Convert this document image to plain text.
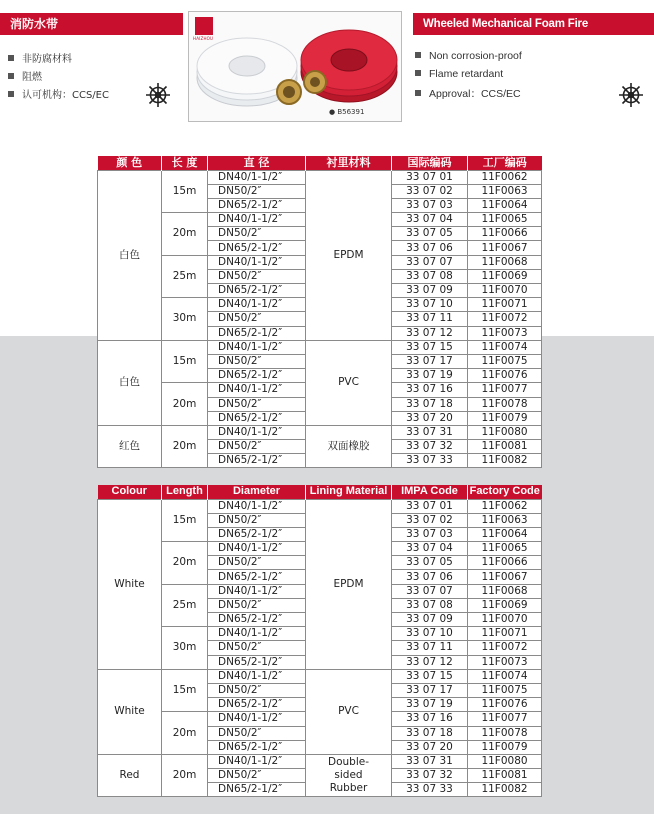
消防水带	Wheeled Mechanical Foam Fire Extinguisher
非防腐材料
阻燃
认可机构：CCS/EC
Non corrosion-proof
Flame retardant
Approval：CCS/EC
HAIZHOU
● B56391
颜 色	长 度	直 径	衬里材料	国际编码	工厂编码
白色	15m	DN40/1-1/2″	EPDM	33 07 01	11F0062
		DN50/2″		33 07 02	11F0063
		DN65/2-1/2″		33 07 03	11F0064
	20m	DN40/1-1/2″		33 07 04	11F0065
		DN50/2″		33 07 05	11F0066
		DN65/2-1/2″		33 07 06	11F0067
	25m	DN40/1-1/2″		33 07 07	11F0068
		DN50/2″		33 07 08	11F0069
		DN65/2-1/2″		33 07 09	11F0070
	30m	DN40/1-1/2″		33 07 10	11F0071
		DN50/2″		33 07 11	11F0072
		DN65/2-1/2″		33 07 12	11F0073
白色	15m	DN40/1-1/2″	PVC	33 07 15	11F0074
		DN50/2″		33 07 17	11F0075
		DN65/2-1/2″		33 07 19	11F0076
	20m	DN40/1-1/2″		33 07 16	11F0077
		DN50/2″		33 07 18	11F0078
		DN65/2-1/2″		33 07 20	11F0079
红色	20m	DN40/1-1/2″	双面橡胶	33 07 31	11F0080
		DN50/2″		33 07 32	11F0081
		DN65/2-1/2″		33 07 33	11F0082
Colour	Length	Diameter	Lining Material	IMPA Code	Factory Code
White	15m	DN40/1-1/2″	EPDM	33 07 01	11F0062
		DN50/2″		33 07 02	11F0063
		DN65/2-1/2″		33 07 03	11F0064
	20m	DN40/1-1/2″		33 07 04	11F0065
		DN50/2″		33 07 05	11F0066
		DN65/2-1/2″		33 07 06	11F0067
	25m	DN40/1-1/2″		33 07 07	11F0068
		DN50/2″		33 07 08	11F0069
		DN65/2-1/2″		33 07 09	11F0070
	30m	DN40/1-1/2″		33 07 10	11F0071
		DN50/2″		33 07 11	11F0072
		DN65/2-1/2″		33 07 12	11F0073
White	15m	DN40/1-1/2″	PVC	33 07 15	11F0074
		DN50/2″		33 07 17	11F0075
		DN65/2-1/2″		33 07 19	11F0076
	20m	DN40/1-1/2″		33 07 16	11F0077
		DN50/2″		33 07 18	11F0078
		DN65/2-1/2″		33 07 20	11F0079
Red	20m	DN40/1-1/2″	Double-sided Rubber	33 07 31	11F0080
		DN50/2″		33 07 32	11F0081
		DN65/2-1/2″		33 07 33	11F0082
